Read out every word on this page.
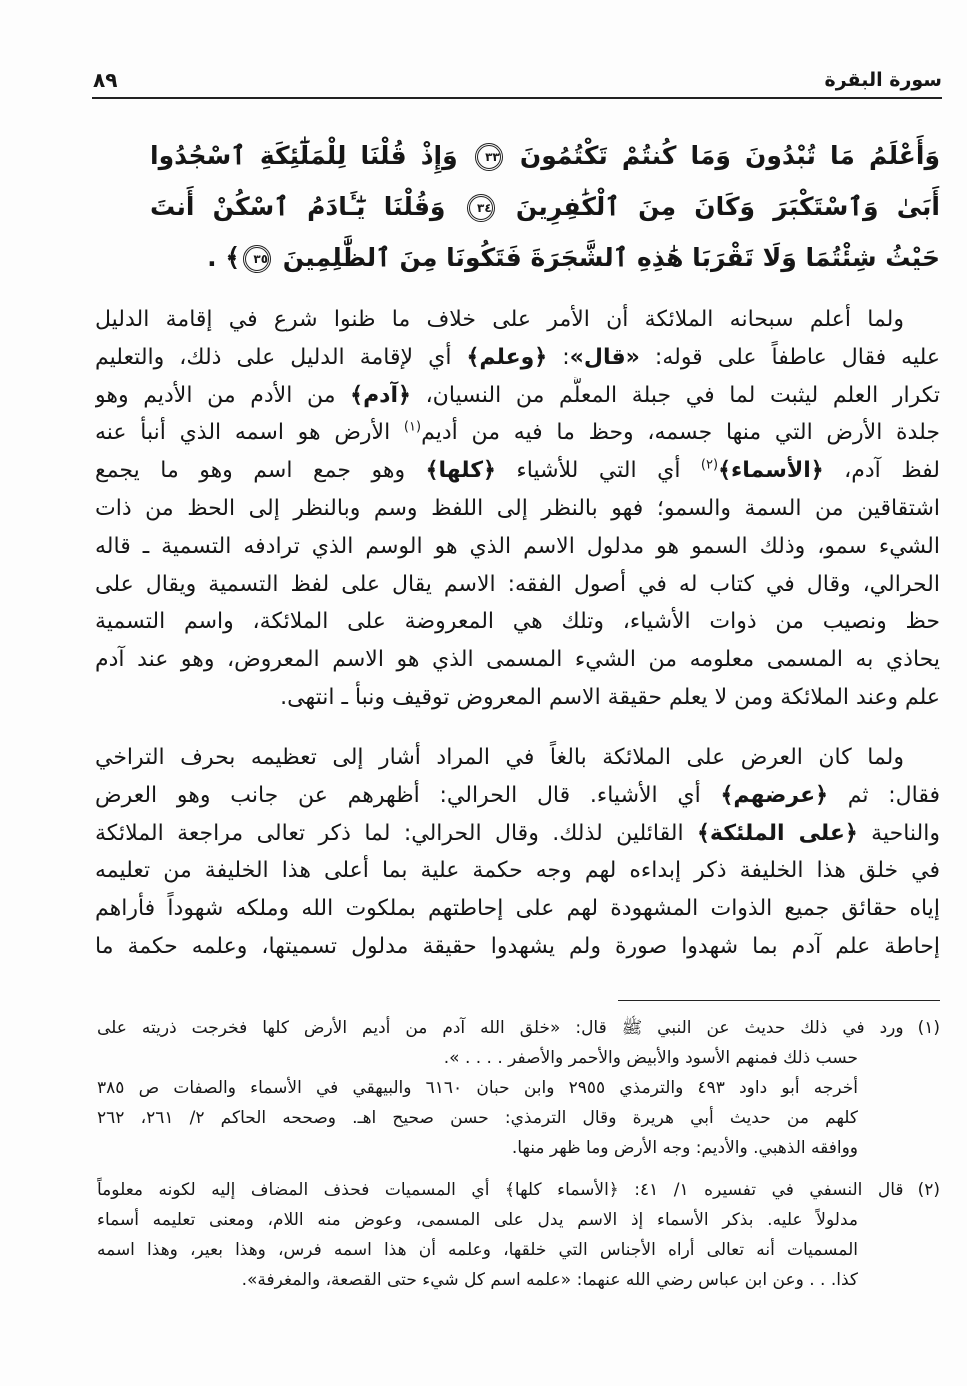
سورة البقرة
٨٩
وَأَعْلَمُ مَا تُبْدُونَ وَمَا كُنتُمْ تَكْتُمُونَ ٣٣ وَإِذْ قُلْنَا لِلْمَلَٰٓئِكَةِ ٱسْجُدُوا
أَبَىٰ وَٱسْتَكْبَرَ وَكَانَ مِنَ ٱلْكَٰفِرِينَ ٣٤ وَقُلْنَا يَٰٓـَٔادَمُ ٱسْكُنْ أَنتَ
حَيْثُ شِئْتُمَا وَلَا تَقْرَبَا هَٰذِهِ ٱلشَّجَرَةَ فَتَكُونَا مِنَ ٱلظَّٰلِمِينَ ٣٥﴾ .
ولما أعلم سبحانه الملائكة أن الأمر على خلاف ما ظنوا شرع في إقامة الدليل
عليه فقال عاطفاً على قوله: «قال»: ﴿وعلم﴾ أي لإقامة الدليل على ذلك، والتعليم
تكرار العلم ليثبت لما في جبلة المعلَّم من النسيان، ﴿آدم﴾ من الأدم من الأديم وهو
جلدة الأرض التي منها جسمه، وحظ ما فيه من أديم$^{(١)}$ الأرض هو اسمه الذي أنبأ عنه
لفظ آدم، ﴿الأسماء﴾$^{(٢)}$ أي التي للأشياء ﴿كلها﴾ وهو جمع اسم وهو ما يجمع
اشتقاقين من السمة والسمو؛ فهو بالنظر إلى اللفظ وسم وبالنظر إلى الحظ من ذات
الشيء سمو، وذلك السمو هو مدلول الاسم الذي هو الوسم الذي ترادفه التسمية ـ قاله
الحرالي، وقال في كتاب له في أصول الفقه: الاسم يقال على لفظ التسمية ويقال على
حظ ونصيب من ذوات الأشياء، وتلك هي المعروضة على الملائكة، واسم التسمية
يحاذي به المسمى معلومه من الشيء المسمى الذي هو الاسم المعروض، وهو عند آدم
علم وعند الملائكة ومن لا يعلم حقيقة الاسم المعروض توقيف ونبأ ـ انتهى.
ولما كان العرض على الملائكة بالغاً في المراد أشار إلى تعظيمه بحرف التراخي
فقال: ثم ﴿عرضهم﴾ أي الأشياء. قال الحرالي: أظهرهم عن جانب وهو العرض
والناحية ﴿على الملئكة﴾ القائلين لذلك. وقال الحرالي: لما ذكر تعالى مراجعة الملائكة
في خلق هذا الخليفة ذكر إبداءه لهم وجه حكمة علية بما أعلى هذا الخليفة من تعليمه
إياه حقائق جميع الذوات المشهودة لهم على إحاطتهم بملكوت الله وملكه شهوداً فأراهم
إحاطة علم آدم بما شهدوا صورة ولم يشهدوا حقيقة مدلول تسميتها، وعلمه حكمة ما
(١)ورد في ذلك حديث عن النبي ﷺ قال: «خلق الله آدم من أديم الأرض كلها فخرجت ذريته على
حسب ذلك فمنهم الأسود والأبيض والأحمر والأصفر . . . . ».
أخرجه أبو داود ٤٩٣ والترمذي ٢٩٥٥ وابن حبان ٦١٦٠ والبيهقي في الأسماء والصفات ص ٣٨٥
كلهم من حديث أبي هريرة وقال الترمذي: حسن صحيح اهـ. وصححه الحاكم ٢/ ٢٦١، ٢٦٢
ووافقه الذهبي. والأديم: وجه الأرض وما ظهر منها.
(٢)قال النسفي في تفسيره ١/ ٤١: ﴿الأسماء كلها﴾ أي المسميات فحذف المضاف إليه لكونه معلوماً
مدلولاً عليه. بذكر الأسماء إذ الاسم يدل على المسمى، وعوض منه اللام، ومعنى تعليمه أسماء
المسميات أنه تعالى أراه الأجناس التي خلقها، وعلمه أن هذا اسمه فرس، وهذا بعير، وهذا اسمه
كذا. . . وعن ابن عباس رضي الله عنهما: «علمه اسم كل شيء حتى القصعة، والمغرفة».
